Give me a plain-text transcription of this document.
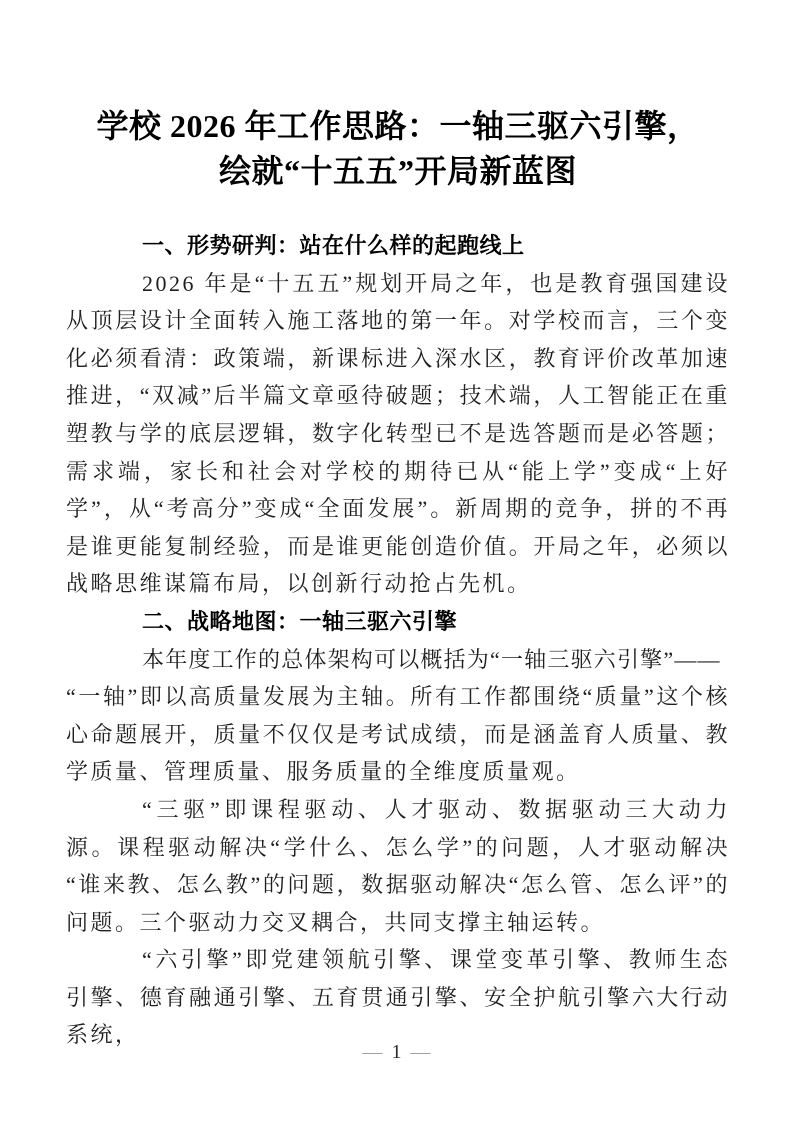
学校 2026 年工作思路：一轴三驱六引擎，
绘就“十五五”开局新蓝图
一、形势研判：站在什么样的起跑线上
2026 年是“十五五”规划开局之年，也是教育强国建设从顶层设计全面转入施工落地的第一年。对学校而言，三个变化必须看清：政策端，新课标进入深水区，教育评价改革加速推进，“双减”后半篇文章亟待破题；技术端，人工智能正在重塑教与学的底层逻辑，数字化转型已不是选答题而是必答题；需求端，家长和社会对学校的期待已从“能上学”变成“上好学”，从“考高分”变成“全面发展”。新周期的竞争，拼的不再是谁更能复制经验，而是谁更能创造价值。开局之年，必须以战略思维谋篇布局，以创新行动抢占先机。
二、战略地图：一轴三驱六引擎
本年度工作的总体架构可以概括为“一轴三驱六引擎”——
“一轴”即以高质量发展为主轴。所有工作都围绕“质量”这个核心命题展开，质量不仅仅是考试成绩，而是涵盖育人质量、教学质量、管理质量、服务质量的全维度质量观。
“三驱”即课程驱动、人才驱动、数据驱动三大动力源。课程驱动解决“学什么、怎么学”的问题，人才驱动解决“谁来教、怎么教”的问题，数据驱动解决“怎么管、怎么评”的问题。三个驱动力交叉耦合，共同支撑主轴运转。
“六引擎”即党建领航引擎、课堂变革引擎、教师生态引擎、德育融通引擎、五育贯通引擎、安全护航引擎六大行动系统，
— 1 —
